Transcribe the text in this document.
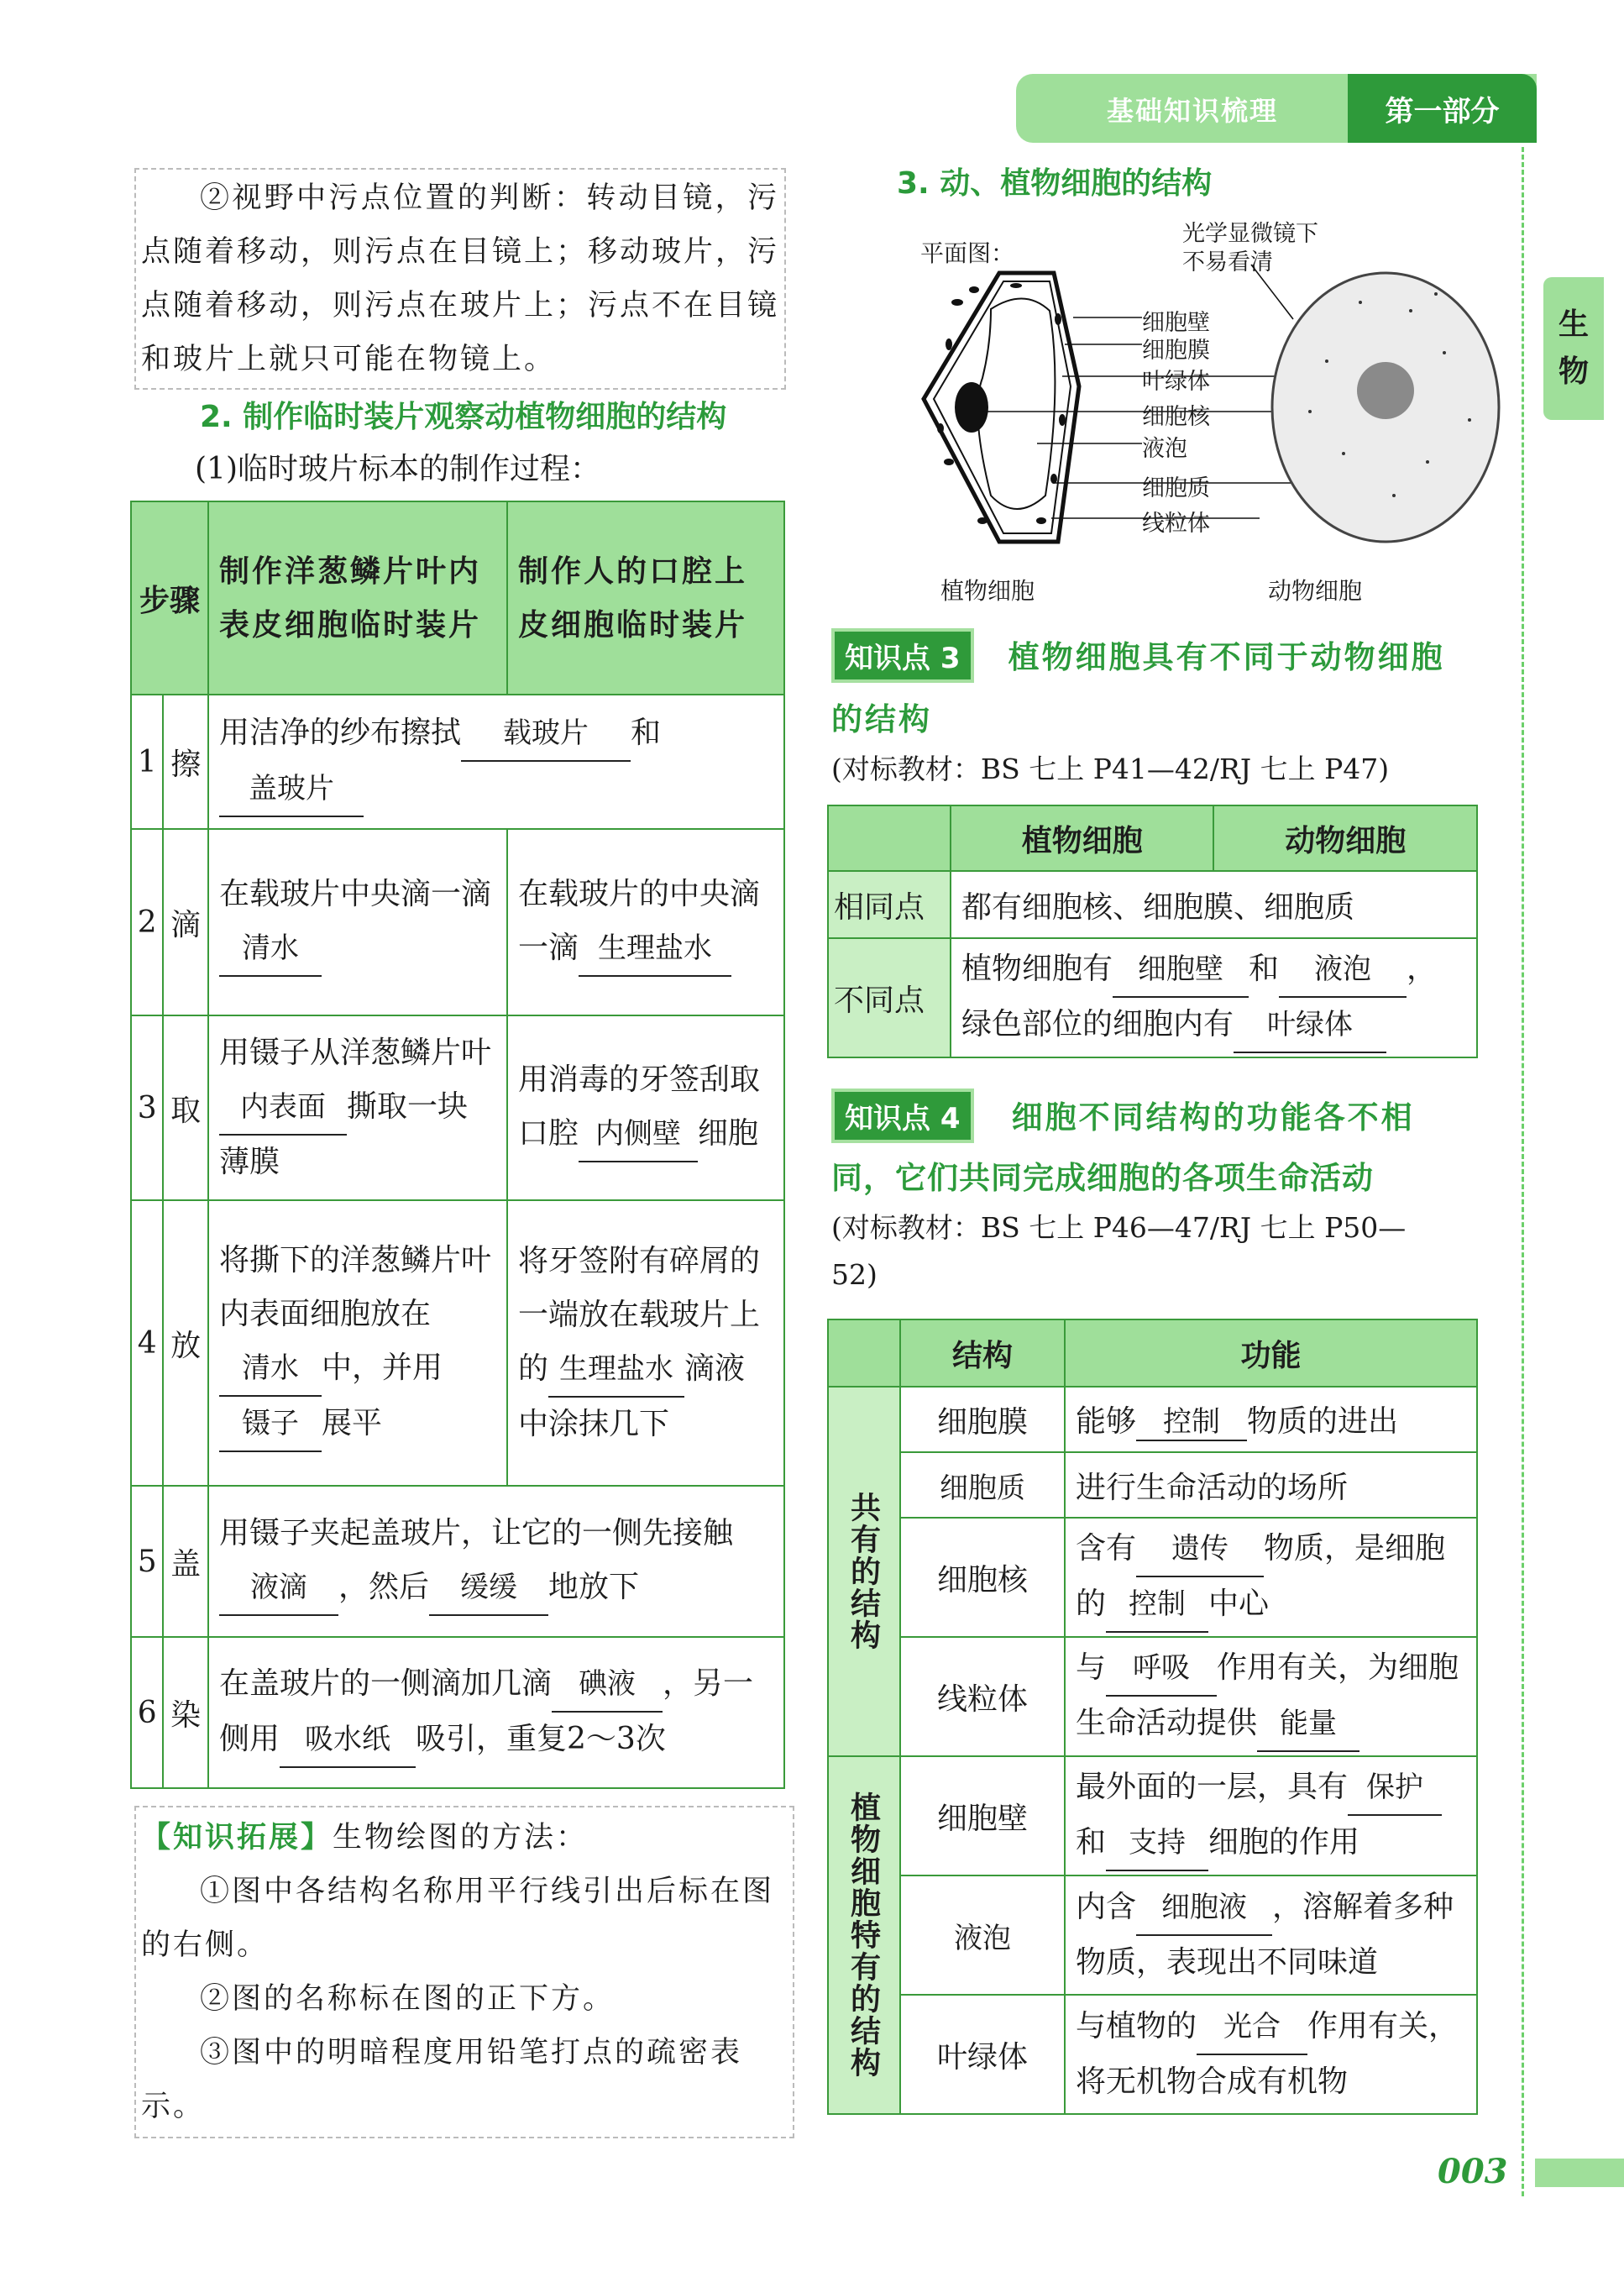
基础知识梳理	第一部分
生
物
003
②视野中污点位置的判断：转动目镜，污点随着移动，则污点在目镜上；移动玻片，污点随着移动，则污点在玻片上；污点不在目镜和玻片上就只可能在物镜上。
2. 制作临时装片观察动植物细胞的结构
(1)临时玻片标本的制作过程：
步骤		制作洋葱鳞片叶内表皮细胞临时装片	制作人的口腔上皮细胞临时装片
1	擦	用洁净的纱布擦拭 载玻片 和
盖玻片	
2	滴	在载玻片中央滴一滴清水	在载玻片的中央滴一滴 生理盐水
3	取	用镊子从洋葱鳞片叶内表面 撕取一块薄膜	用消毒的牙签刮取口腔 内侧壁 细胞
4	放	将撕下的洋葱鳞片叶内表面细胞放在清水 中，并用镊子 展平	将牙签附有碎屑的一端放在载玻片上的 生理盐水 滴液中涂抹几下
5	盖	用镊子夹起盖玻片，让它的一侧先接触液滴 ，然后 缓缓 地放下	
6	染	在盖玻片的一侧滴加几滴 碘液 ，另一侧用 吸水纸 吸引，重复2～3次	
【知识拓展】生物绘图的方法：
①图中各结构名称用平行线引出后标在图的右侧。
②图的名称标在图的正下方。
③图中的明暗程度用铅笔打点的疏密表示。
3. 动、植物细胞的结构
平面图：
光学显微镜下
不易看清
细胞壁
细胞膜
叶绿体
细胞核
液泡
细胞质
线粒体
植物细胞	动物细胞
知识点 3 植物细胞具有不同于动物细胞
的结构
(对标教材：BS 七上 P41—42/RJ 七上 P47)
	植物细胞	动物细胞
相同点	都有细胞核、细胞膜、细胞质	
不同点	植物细胞有 细胞壁 和 液泡 ，
绿色部位的细胞内有 叶绿体	
知识点 4 细胞不同结构的功能各不相
同，它们共同完成细胞的各项生命活动
(对标教材：BS 七上 P46—47/RJ 七上 P50—
52)
	结构	功能
共有的结构	细胞膜	能够 控制 物质的进出
	细胞质	进行生命活动的场所
	细胞核	含有 遗传 物质，是细胞的 控制 中心
	线粒体	与 呼吸 作用有关，为细胞生命活动提供 能量
植物细胞特有的结构	细胞壁	最外面的一层，具有 保护和 支持 细胞的作用
	液泡	内含 细胞液 ，溶解着多种物质，表现出不同味道
	叶绿体	与植物的 光合 作用有关，将无机物合成有机物
